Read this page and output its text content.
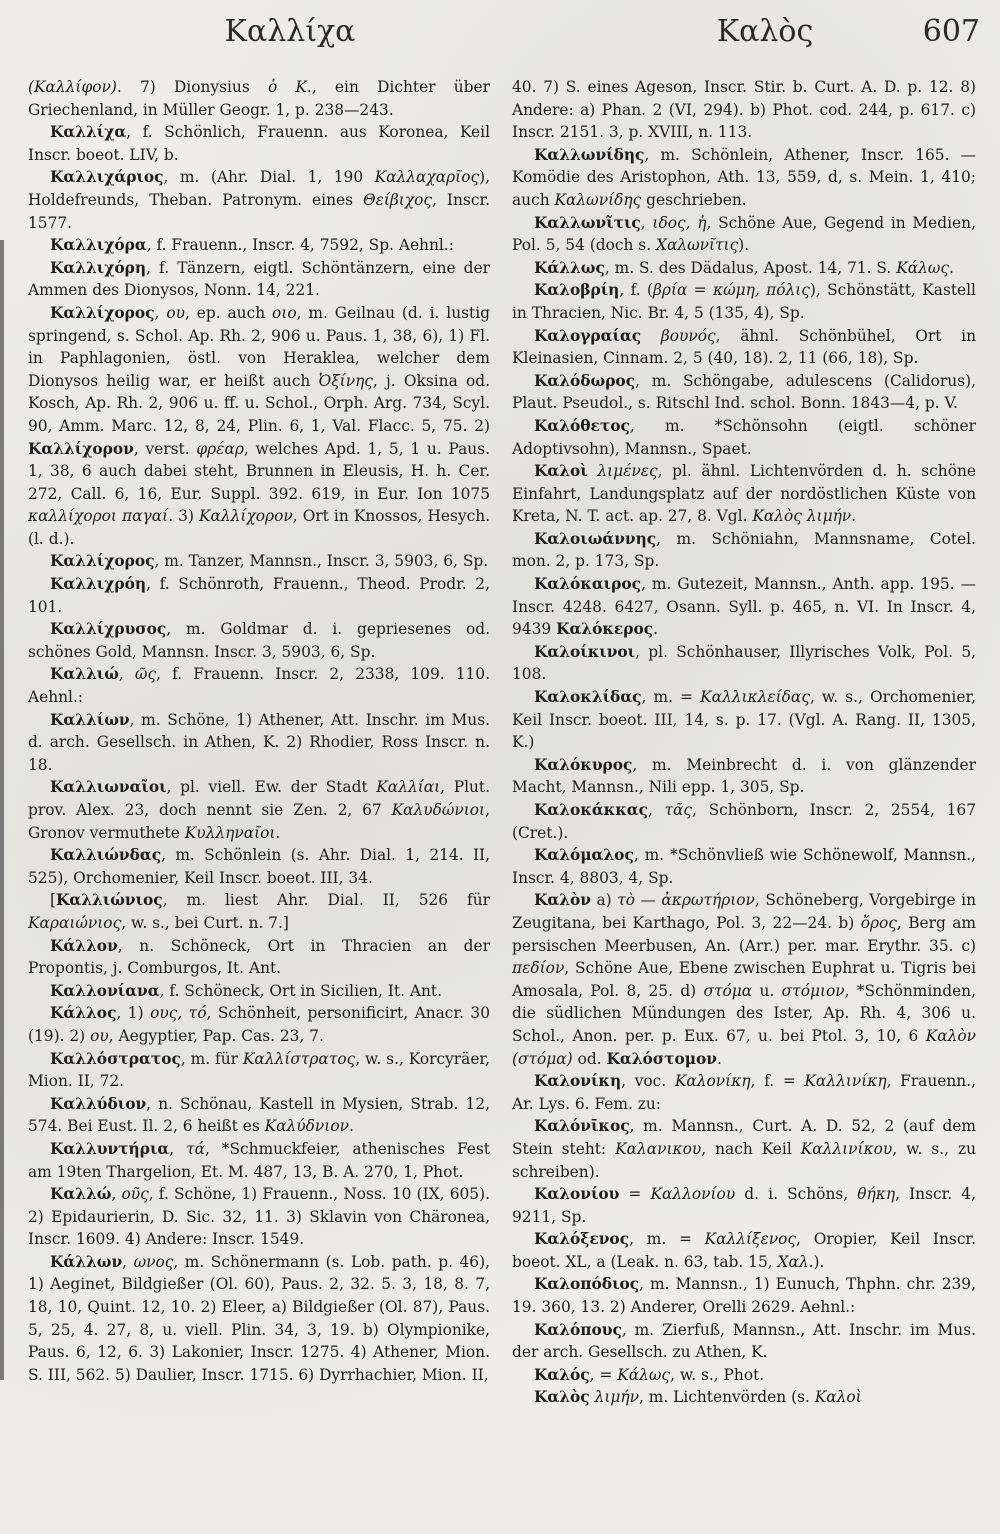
Καλλίχα	Καλὸς	607

(Καλλίφον). 7) Dionysius ὁ K., ein Dichter über Griechenland, in Müller Geogr. 1, p. 238—243.

Καλλίχα, f. Schönlich, Frauenn. aus Koronea, Keil Inscr. boeot. LIV, b.

Καλλιχάριος, m. (Ahr. Dial. 1, 190 Καλλαχαρῖος), Holdefreunds, Theban. Patronym. eines Θείβιχος, Inscr. 1577.

Καλλιχόρα, f. Frauenn., Inscr. 4, 7592, Sp. Aehnl.:

Καλλιχόρη, f. Tänzern, eigtl. Schöntänzern, eine der Ammen des Dionysos, Nonn. 14, 221.

Καλλίχορος, ου, ep. auch οιο, m. Geilnau (d. i. lustig springend, s. Schol. Ap. Rh. 2, 906 u. Paus. 1, 38, 6), 1) Fl. in Paphlagonien, östl. von Heraklea, welcher dem Dionysos heilig war, er heißt auch Ὀξίνης, j. Oksina od. Kosch, Ap. Rh. 2, 906 u. ff. u. Schol., Orph. Arg. 734, Scyl. 90, Amm. Marc. 12, 8, 24, Plin. 6, 1, Val. Flacc. 5, 75. 2) Καλλίχορον, verst. φρέαρ, welches Apd. 1, 5, 1 u. Paus. 1, 38, 6 auch dabei steht, Brunnen in Eleusis, H. h. Cer. 272, Call. 6, 16, Eur. Suppl. 392. 619, in Eur. Ion 1075 καλλίχοροι παγαί. 3) Καλλίχορον, Ort in Knossos, Hesych. (l. d.).

Καλλίχορος, m. Tanzer, Mannsn., Inscr. 3, 5903, 6, Sp.

Καλλιχρόη, f. Schönroth, Frauenn., Theod. Prodr. 2, 101.

Καλλίχρυσος, m. Goldmar d. i. gepriesenes od. schönes Gold, Mannsn. Inscr. 3, 5903, 6, Sp.

Καλλιώ, ῶς, f. Frauenn. Inscr. 2, 2338, 109. 110. Aehnl.:

Καλλίων, m. Schöne, 1) Athener, Att. Inschr. im Mus. d. arch. Gesellsch. in Athen, K. 2) Rhodier, Ross Inscr. n. 18.

Καλλιωναῖοι, pl. viell. Ew. der Stadt Καλλίαι, Plut. prov. Alex. 23, doch nennt sie Zen. 2, 67 Καλυδώνιοι, Gronov vermuthete Κυλληναῖοι.

Καλλιώνδας, m. Schönlein (s. Ahr. Dial. 1, 214. II, 525), Orchomenier, Keil Inscr. boeot. III, 34.

[Καλλιώνιος, m. liest Ahr. Dial. II, 526 für Καραιώνιος, w. s., bei Curt. n. 7.]

Κάλλον, n. Schöneck, Ort in Thracien an der Propontis, j. Comburgos, It. Ant.

Καλλονίανα, f. Schöneck, Ort in Sicilien, It. Ant.

Κάλλος, 1) ους, τό, Schönheit, personificirt, Anacr. 30 (19). 2) ου, Aegyptier, Pap. Cas. 23, 7.

Καλλόστρατος, m. für Καλλίστρατος, w. s., Korcyräer, Mion. II, 72.

Καλλύδιον, n. Schönau, Kastell in Mysien, Strab. 12, 574. Bei Eust. Il. 2, 6 heißt es Καλύδνιον.

Καλλυντήρια, τά, *Schmuckfeier, athenisches Fest am 19ten Thargelion, Et. M. 487, 13, B. A. 270, 1, Phot.

Καλλώ, οῦς, f. Schöne, 1) Frauenn., Noss. 10 (IX, 605). 2) Epidaurierin, D. Sic. 32, 11. 3) Sklavin von Chäronea, Inscr. 1609. 4) Andere: Inscr. 1549.

Κάλλων, ωνος, m. Schönermann (s. Lob. path. p. 46), 1) Aeginet, Bildgießer (Ol. 60), Paus. 2, 32. 5. 3, 18, 8. 7, 18, 10, Quint. 12, 10. 2) Eleer, a) Bildgießer (Ol. 87), Paus. 5, 25, 4. 27, 8, u. viell. Plin. 34, 3, 19. b) Olympionike, Paus. 6, 12, 6. 3) Lakonier, Inscr. 1275. 4) Athener, Mion. S. III, 562. 5) Daulier, Inscr. 1715. 6) Dyrrhachier, Mion. II,

40. 7) S. eines Ageson, Inscr. Stir. b. Curt. A. D. p. 12. 8) Andere: a) Phan. 2 (VI, 294). b) Phot. cod. 244, p. 617. c) Inscr. 2151. 3, p. XVIII, n. 113.

Καλλωνίδης, m. Schönlein, Athener, Inscr. 165. — Komödie des Aristophon, Ath. 13, 559, d, s. Mein. 1, 410; auch Καλωνίδης geschrieben.

Καλλωνῖτις, ιδος, ἡ, Schöne Aue, Gegend in Medien, Pol. 5, 54 (doch s. Χαλωνῖτις).

Κάλλως, m. S. des Dädalus, Apost. 14, 71. S. Κάλως.

Καλοβρίη, f. (βρία = κώμη, πόλις), Schönstätt, Kastell in Thracien, Nic. Br. 4, 5 (135, 4), Sp.

Καλογραίας βουνός, ähnl. Schönbühel, Ort in Kleinasien, Cinnam. 2, 5 (40, 18). 2, 11 (66, 18), Sp.

Καλόδωρος, m. Schöngabe, adulescens (Calidorus), Plaut. Pseudol., s. Ritschl Ind. schol. Bonn. 1843—4, p. V.

Καλόθετος, m. *Schönsohn (eigtl. schöner Adoptivsohn), Mannsn., Spaet.

Καλοὶ λιμένες, pl. ähnl. Lichtenvörden d. h. schöne Einfahrt, Landungsplatz auf der nordöstlichen Küste von Kreta, N. T. act. ap. 27, 8. Vgl. Καλὸς λιμήν.

Καλοιωάννης, m. Schöniahn, Mannsname, Cotel. mon. 2, p. 173, Sp.

Καλόκαιρος, m. Gutezeit, Mannsn., Anth. app. 195. — Inscr. 4248. 6427, Osann. Syll. p. 465, n. VI. In Inscr. 4, 9439 Καλόκερος.

Καλοίκινοι, pl. Schönhauser, Illyrisches Volk, Pol. 5, 108.

Καλοκλίδας, m. = Καλλικλείδας, w. s., Orchomenier, Keil Inscr. boeot. III, 14, s. p. 17. (Vgl. A. Rang. II, 1305, K.)

Καλόκυρος, m. Meinbrecht d. i. von glänzender Macht, Mannsn., Nili epp. 1, 305, Sp.

Καλοκάκκας, τᾶς, Schönborn, Inscr. 2, 2554, 167 (Cret.).

Καλόμαλος, m. *Schönvließ wie Schönewolf, Mannsn., Inscr. 4, 8803, 4, Sp.

Καλὸν a) τὸ — ἀκρωτήριον, Schöneberg, Vorgebirge in Zeugitana, bei Karthago, Pol. 3, 22—24. b) ὄρος, Berg am persischen Meerbusen, An. (Arr.) per. mar. Erythr. 35. c) πεδίον, Schöne Aue, Ebene zwischen Euphrat u. Tigris bei Amosala, Pol. 8, 25. d) στόμα u. στόμιον, *Schönminden, die südlichen Mündungen des Ister, Ap. Rh. 4, 306 u. Schol., Anon. per. p. Eux. 67, u. bei Ptol. 3, 10, 6 Καλὸν (στόμα) od. Καλόστομον.

Καλονίκη, voc. Καλονίκη, f. = Καλλινίκη, Frauenn., Ar. Lys. 6. Fem. zu:

Καλόνῑκος, m. Mannsn., Curt. A. D. 52, 2 (auf dem Stein steht: Καλανικου, nach Keil Καλλινίκου, w. s., zu schreiben).

Καλονίου = Καλλονίου d. i. Schöns, θήκη, Inscr. 4, 9211, Sp.

Καλόξενος, m. = Καλλίξενος, Oropier, Keil Inscr. boeot. XL, a (Leak. n. 63, tab. 15, Χαλ.).

Καλοπόδιος, m. Mannsn., 1) Eunuch, Thphn. chr. 239, 19. 360, 13. 2) Anderer, Orelli 2629. Aehnl.:

Καλόπους, m. Zierfuß, Mannsn., Att. Inschr. im Mus. der arch. Gesellsch. zu Athen, K.

Καλός, = Κάλως, w. s., Phot.

Καλὸς λιμήν, m. Lichtenvörden (s. Καλοὶ
